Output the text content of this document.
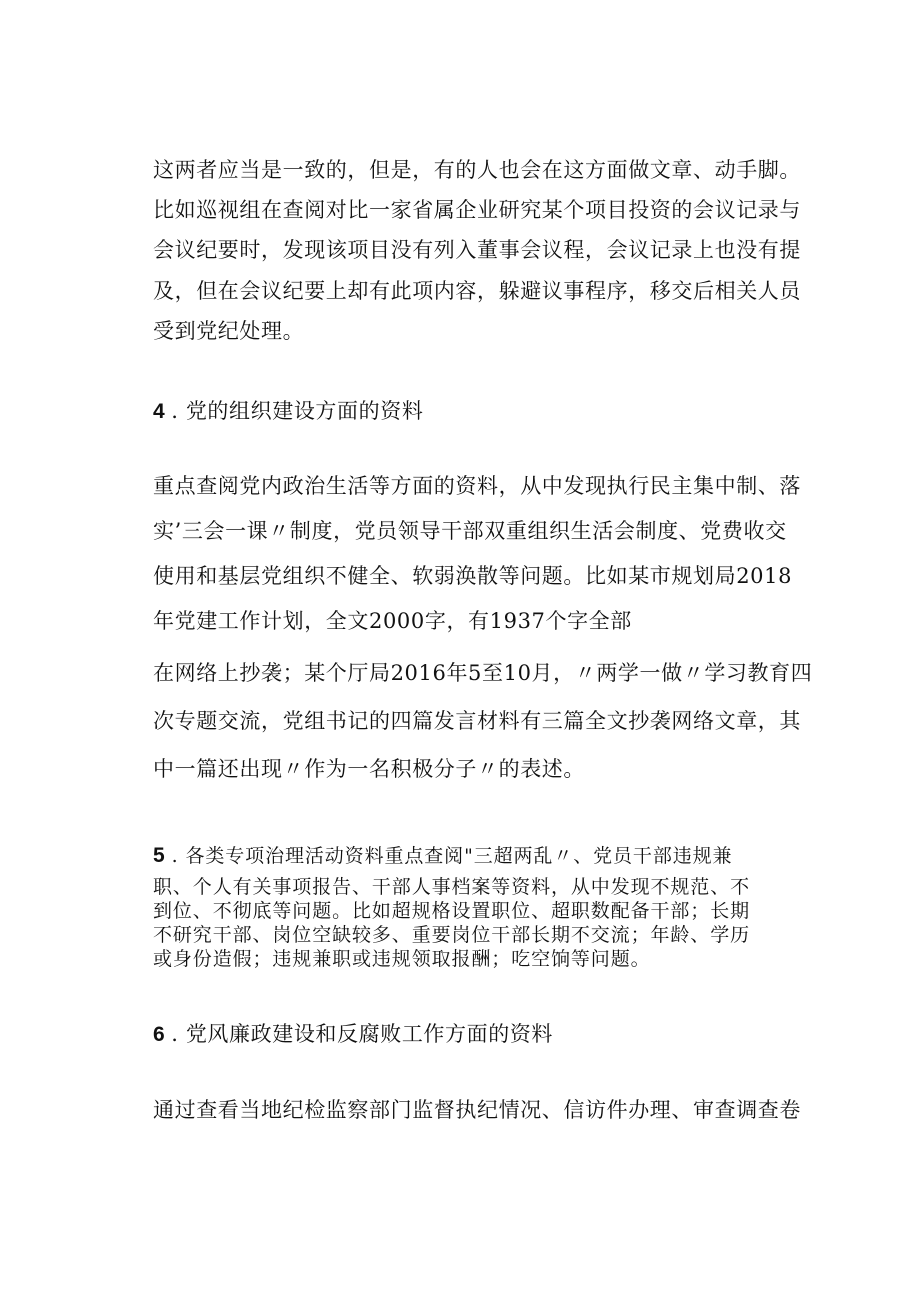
这两者应当是一致的，但是，有的人也会在这方面做文章、动手脚。
比如巡视组在查阅对比一家省属企业研究某个项目投资的会议记录与
会议纪要时，发现该项目没有列入董事会议程，会议记录上也没有提
及，但在会议纪要上却有此项内容，躲避议事程序，移交后相关人员
受到党纪处理。
4 . 党的组织建设方面的资料
重点查阅党内政治生活等方面的资料，从中发现执行民主集中制、落
实’三会一课〃制度，党员领导干部双重组织生活会制度、党费收交
使用和基层党组织不健全、软弱涣散等问题。比如某市规划局2018
年党建工作计划，全文2000字，有1937个字全部
在网络上抄袭；某个厅局2016年5至10月，〃两学一做〃学习教育四
次专题交流，党组书记的四篇发言材料有三篇全文抄袭网络文章，其
中一篇还出现〃作为一名积极分子〃的表述。
5 . 各类专项治理活动资料重点查阅"三超两乱〃、党员干部违规兼
职、个人有关事项报告、干部人事档案等资料，从中发现不规范、不
到位、不彻底等问题。比如超规格设置职位、超职数配备干部；长期
不研究干部、岗位空缺较多、重要岗位干部长期不交流；年龄、学历
或身份造假；违规兼职或违规领取报酬；吃空饷等问题。
6 . 党风廉政建设和反腐败工作方面的资料
通过查看当地纪检监察部门监督执纪情况、信访件办理、审查调查卷
